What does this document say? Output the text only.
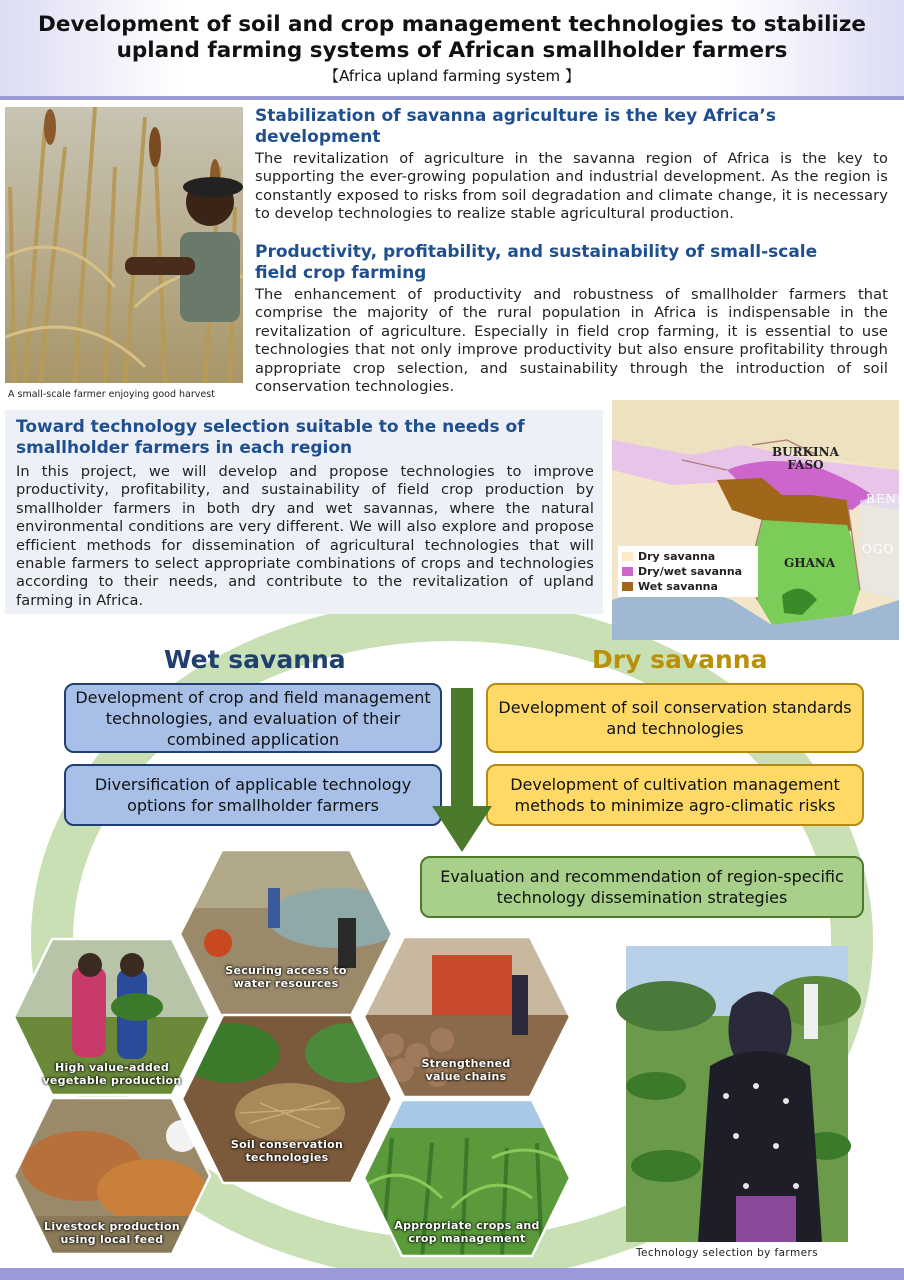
Development of soil and crop management technologies to stabilize
upland farming systems of African smallholder farmers
【Africa upland farming system 】
A small-scale farmer enjoying good harvest
Stabilization of savanna agriculture is the key Africa’s
development

The revitalization of agriculture in the savanna region of Africa is the key to supporting the ever-growing population and industrial development. As the region is constantly exposed to risks from soil degradation and climate change, it is necessary to develop technologies to realize stable agricultural production.

Productivity, profitability, and sustainability of small-scale
field crop farming

The enhancement of productivity and robustness of smallholder farmers that comprise the majority of the rural population in Africa is indispensable in the revitalization of agriculture. Especially in field crop farming, it is essential to use technologies that not only improve productivity but also ensure profitability through appropriate crop selection, and sustainability through the introduction of soil conservation technologies.

Toward technology selection suitable to the needs of
smallholder farmers in each region

In this project, we will develop and propose technologies to improve productivity, profitability, and sustainability of field crop production by smallholder farmers in both dry and wet savannas, where the natural environmental conditions are very different. We will also explore and propose efficient methods for dissemination of agricultural technologies that will enable farmers to select appropriate combinations of crops and technologies according to their needs, and contribute to the revitalization of upland farming in Africa.

BURKINA
FASO
GHANA
BENI
OGO
Dry savanna
Dry/wet savanna
Wet savanna
Wet savanna	Dry savanna
Development of crop and field management technologies, and evaluation of their combined application
Diversification of applicable technology options for smallholder farmers
Development of soil conservation standards and technologies
Development of cultivation management methods to minimize agro-climatic risks
Evaluation and recommendation of region-specific technology dissemination strategies
Securing access to
water resources
High value-added
vegetable production
Strengthened
value chains
Soil conservation
technologies
Livestock production
using local feed
Appropriate crops and
crop management
Technology selection by farmers
